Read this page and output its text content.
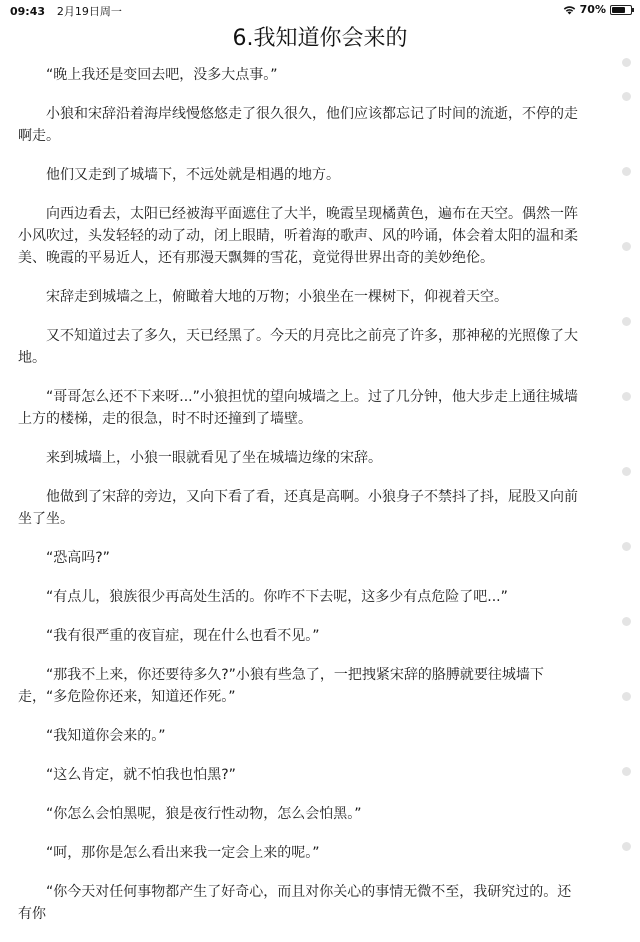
09:43 2月19日周一	70%
6.我知道你会来的

“晚上我还是变回去吧，没多大点事。”

小狼和宋辞沿着海岸线慢悠悠走了很久很久，他们应该都忘记了时间的流逝，不停的走啊走。

他们又走到了城墙下，不远处就是相遇的地方。

向西边看去，太阳已经被海平面遮住了大半，晚霞呈现橘黄色，遍布在天空。偶然一阵小风吹过，头发轻轻的动了动，闭上眼睛，听着海的歌声、风的吟诵，体会着太阳的温和柔美、晚霞的平易近人，还有那漫天飘舞的雪花，竟觉得世界出奇的美妙绝伦。

宋辞走到城墙之上，俯瞰着大地的万物；小狼坐在一棵树下，仰视着天空。

又不知道过去了多久，天已经黑了。今天的月亮比之前亮了许多，那神秘的光照像了大地。

“哥哥怎么还不下来呀...”小狼担忧的望向城墙之上。过了几分钟，他大步走上通往城墙上方的楼梯，走的很急，时不时还撞到了墙壁。

来到城墙上，小狼一眼就看见了坐在城墙边缘的宋辞。

他做到了宋辞的旁边，又向下看了看，还真是高啊。小狼身子不禁抖了抖，屁股又向前坐了坐。

“恐高吗?”

“有点儿，狼族很少再高处生活的。你咋不下去呢，这多少有点危险了吧...”

“我有很严重的夜盲症，现在什么也看不见。”

“那我不上来，你还要待多久?”小狼有些急了，一把拽紧宋辞的胳膊就要往城墙下走，“多危险你还来，知道还作死。”

“我知道你会来的。”

“这么肯定，就不怕我也怕黑?”

“你怎么会怕黑呢，狼是夜行性动物，怎么会怕黑。”

“呵，那你是怎么看出来我一定会上来的呢。”

“你今天对任何事物都产生了好奇心，而且对你关心的事情无微不至，我研究过的。还有你
